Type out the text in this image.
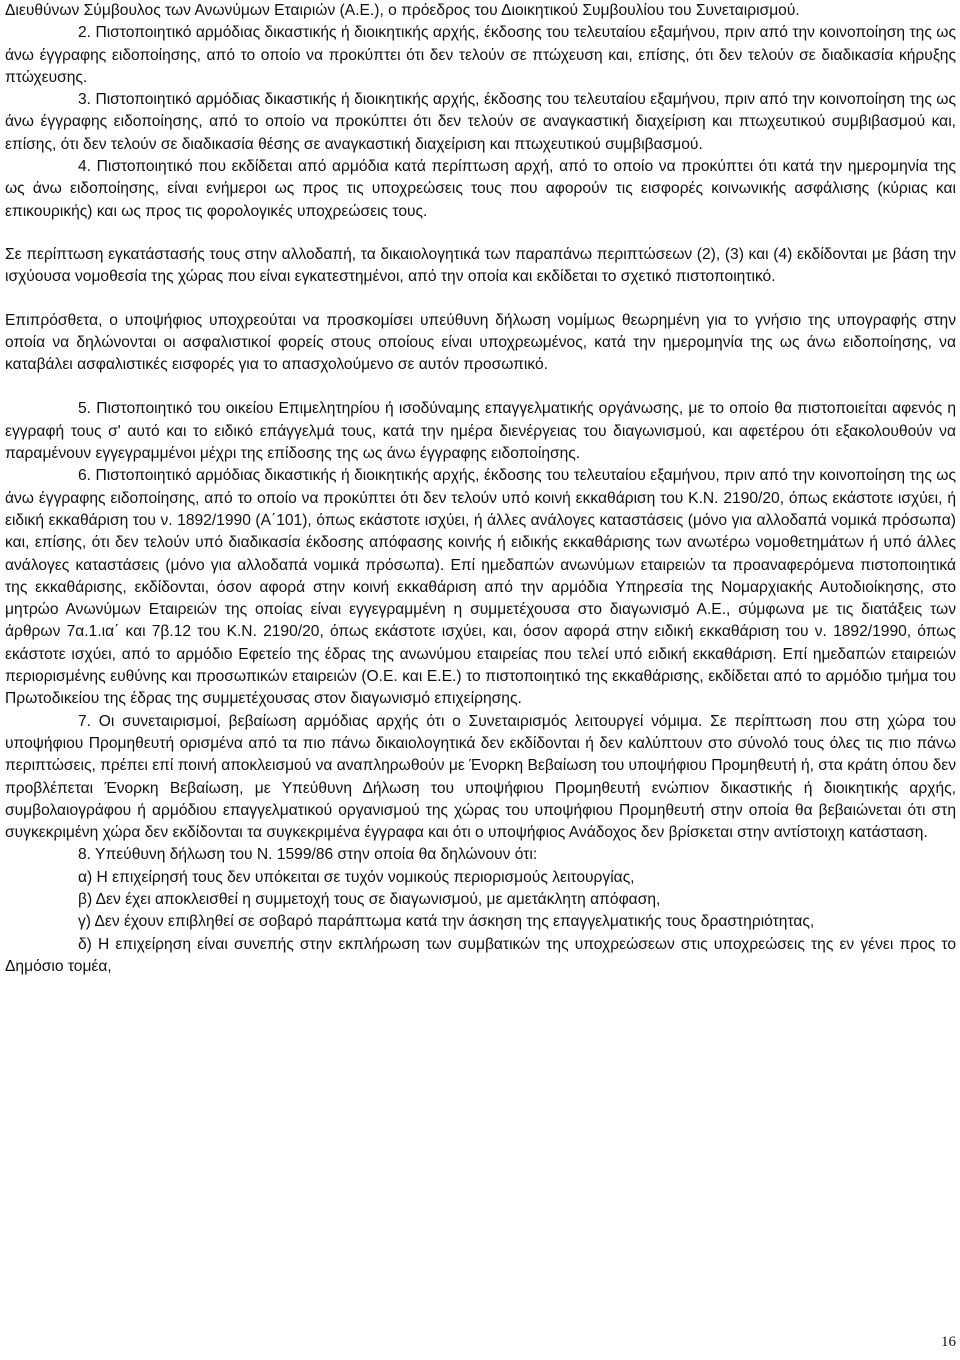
Διευθύνων Σύμβουλος των Ανωνύμων Εταιριών (Α.Ε.), ο πρόεδρος του Διοικητικού Συμβουλίου του Συνεταιρισμού.

2. Πιστοποιητικό αρμόδιας δικαστικής ή διοικητικής αρχής, έκδοσης του τελευταίου εξαμήνου, πριν από την κοινοποίηση της ως άνω έγγραφης ειδοποίησης, από το οποίο να προκύπτει ότι δεν τελούν σε πτώχευση και, επίσης, ότι δεν τελούν σε διαδικασία κήρυξης πτώχευσης.

3. Πιστοποιητικό αρμόδιας δικαστικής ή διοικητικής αρχής, έκδοσης του τελευταίου εξαμήνου, πριν από την κοινοποίηση της ως άνω έγγραφης ειδοποίησης, από το οποίο να προκύπτει ότι δεν τελούν σε αναγκαστική διαχείριση και πτωχευτικού συμβιβασμού και, επίσης, ότι δεν τελούν σε διαδικασία θέσης σε αναγκαστική διαχείριση και πτωχευτικού συμβιβασμού.

4. Πιστοποιητικό που εκδίδεται από αρμόδια κατά περίπτωση αρχή, από το οποίο να προκύπτει ότι κατά την ημερομηνία της ως άνω ειδοποίησης, είναι ενήμεροι ως προς τις υποχρεώσεις τους που αφορούν τις εισφορές κοινωνικής ασφάλισης (κύριας και επικουρικής) και ως προς τις φορολογικές υποχρεώσεις τους.

Σε περίπτωση εγκατάστασής τους στην αλλοδαπή, τα δικαιολογητικά των παραπάνω περιπτώσεων (2), (3) και (4) εκδίδονται με βάση την ισχύουσα νομοθεσία της χώρας που είναι εγκατεστημένοι, από την οποία και εκδίδεται το σχετικό πιστοποιητικό.

Επιπρόσθετα, ο υποψήφιος υποχρεούται να προσκομίσει υπεύθυνη δήλωση νομίμως θεωρημένη για το γνήσιο της υπογραφής στην οποία να δηλώνονται οι ασφαλιστικοί φορείς στους οποίους είναι υποχρεωμένος, κατά την ημερομηνία της ως άνω ειδοποίησης, να καταβάλει ασφαλιστικές εισφορές για το απασχολούμενο σε αυτόν προσωπικό.

5. Πιστοποιητικό του οικείου Επιμελητηρίου ή ισοδύναμης επαγγελματικής οργάνωσης, με το οποίο θα πιστοποιείται αφενός η εγγραφή τους σ' αυτό και το ειδικό επάγγελμά τους, κατά την ημέρα διενέργειας του διαγωνισμού, και αφετέρου ότι εξακολουθούν να παραμένουν εγγεγραμμένοι μέχρι της επίδοσης της ως άνω έγγραφης ειδοποίησης.

6. Πιστοποιητικό αρμόδιας δικαστικής ή διοικητικής αρχής, έκδοσης του τελευταίου εξαμήνου, πριν από την κοινοποίηση της ως άνω έγγραφης ειδοποίησης, από το οποίο να προκύπτει ότι δεν τελούν υπό κοινή εκκαθάριση του Κ.Ν. 2190/20, όπως εκάστοτε ισχύει, ή ειδική εκκαθάριση του ν. 1892/1990 (Α΄101), όπως εκάστοτε ισχύει, ή άλλες ανάλογες καταστάσεις (μόνο για αλλοδαπά νομικά πρόσωπα) και, επίσης, ότι δεν τελούν υπό διαδικασία έκδοσης απόφασης κοινής ή ειδικής εκκαθάρισης των ανωτέρω νομοθετημάτων ή υπό άλλες ανάλογες καταστάσεις (μόνο για αλλοδαπά νομικά πρόσωπα). Επί ημεδαπών ανωνύμων εταιρειών τα προαναφερόμενα πιστοποιητικά της εκκαθάρισης, εκδίδονται, όσον αφορά στην κοινή εκκαθάριση από την αρμόδια Υπηρεσία της Νομαρχιακής Αυτοδιοίκησης, στο μητρώο Ανωνύμων Εταιρειών της οποίας είναι εγγεγραμμένη η συμμετέχουσα στο διαγωνισμό Α.Ε., σύμφωνα με τις διατάξεις των άρθρων 7α.1.ια΄ και 7β.12 του Κ.Ν. 2190/20, όπως εκάστοτε ισχύει, και, όσον αφορά στην ειδική εκκαθάριση του ν. 1892/1990, όπως εκάστοτε ισχύει, από το αρμόδιο Εφετείο της έδρας της ανωνύμου εταιρείας που τελεί υπό ειδική εκκαθάριση. Επί ημεδαπών εταιρειών περιορισμένης ευθύνης και προσωπικών εταιρειών (Ο.Ε. και Ε.Ε.) το πιστοποιητικό της εκκαθάρισης, εκδίδεται από το αρμόδιο τμήμα του Πρωτοδικείου της έδρας της συμμετέχουσας στον διαγωνισμό επιχείρησης.

7. Οι συνεταιρισμοί, βεβαίωση αρμόδιας αρχής ότι ο Συνεταιρισμός λειτουργεί νόμιμα. Σε περίπτωση που στη χώρα του υποψήφιου Προμηθευτή ορισμένα από τα πιο πάνω δικαιολογητικά δεν εκδίδονται ή δεν καλύπτουν στο σύνολό τους όλες τις πιο πάνω περιπτώσεις, πρέπει επί ποινή αποκλεισμού να αναπληρωθούν με Ένορκη Βεβαίωση του υποψήφιου Προμηθευτή ή, στα κράτη όπου δεν προβλέπεται Ένορκη Βεβαίωση, με Υπεύθυνη Δήλωση του υποψήφιου Προμηθευτή ενώπιον δικαστικής ή διοικητικής αρχής, συμβολαιογράφου ή αρμόδιου επαγγελματικού οργανισμού της χώρας του υποψήφιου Προμηθευτή στην οποία θα βεβαιώνεται ότι στη συγκεκριμένη χώρα δεν εκδίδονται τα συγκεκριμένα έγγραφα και ότι ο υποψήφιος Ανάδοχος δεν βρίσκεται στην αντίστοιχη κατάσταση.

8. Υπεύθυνη δήλωση του Ν. 1599/86 στην οποία θα δηλώνουν ότι:

α) Η επιχείρησή τους δεν υπόκειται σε τυχόν νομικούς περιορισμούς λειτουργίας,

β) Δεν έχει αποκλεισθεί η συμμετοχή τους σε διαγωνισμού, με αμετάκλητη απόφαση,

γ) Δεν έχουν επιβληθεί σε σοβαρό παράπτωμα κατά την άσκηση της επαγγελματικής τους δραστηριότητας,

δ) Η επιχείρηση είναι συνεπής στην εκπλήρωση των συμβατικών της υποχρεώσεων στις υποχρεώσεις της εν γένει προς το Δημόσιο τομέα,

16
